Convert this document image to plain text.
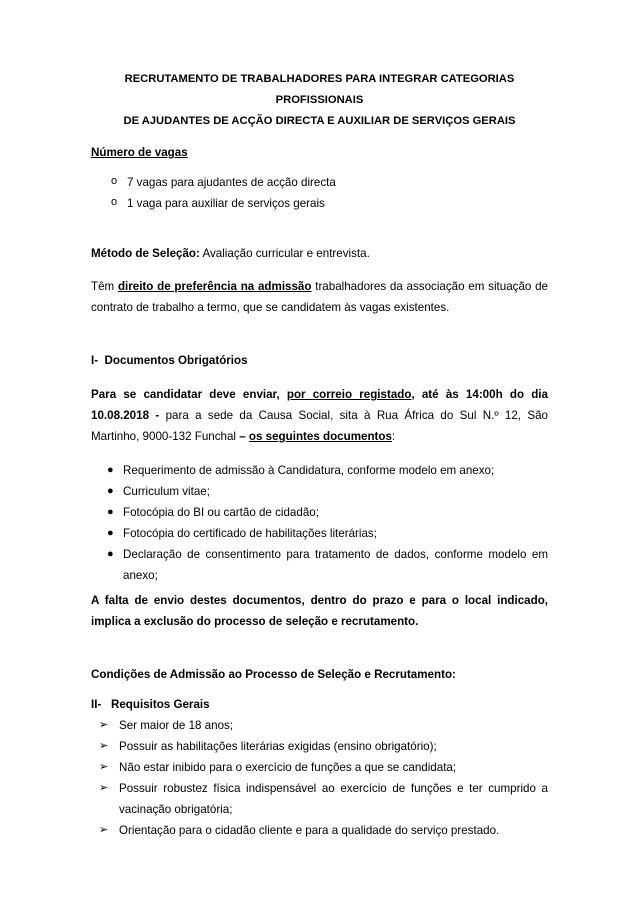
RECRUTAMENTO DE TRABALHADORES PARA INTEGRAR CATEGORIAS PROFISSIONAIS
DE AJUDANTES DE ACÇÃO DIRECTA E AUXILIAR DE SERVIÇOS GERAIS
Número de vagas
o 7 vagas para ajudantes de acção directa
o 1 vaga para auxiliar de serviços gerais
Método de Seleção: Avaliação curricular e entrevista.
Têm direito de preferência na admissão trabalhadores da associação em situação de contrato de trabalho a termo, que se candidatem às vagas existentes.
I- Documentos Obrigatórios
Para se candidatar deve enviar, por correio registado, até às 14:00h do dia 10.08.2018 - para a sede da Causa Social, sita à Rua África do Sul N.º 12, São Martinho, 9000-132 Funchal – os seguintes documentos:
● Requerimento de admissão à Candidatura, conforme modelo em anexo;
● Curriculum vitae;
● Fotocópia do BI ou cartão de cidadão;
● Fotocópia do certificado de habilitações literárias;
● Declaração de consentimento para tratamento de dados, conforme modelo em anexo;
A falta de envio destes documentos, dentro do prazo e para o local indicado, implica a exclusão do processo de seleção e recrutamento.
Condições de Admissão ao Processo de Seleção e Recrutamento:
II- Requisitos Gerais
➢ Ser maior de 18 anos;
➢ Possuir as habilitações literárias exigidas (ensino obrigatório);
➢ Não estar inibido para o exercício de funções a que se candidata;
➢ Possuir robustez física indispensável ao exercício de funções e ter cumprido a vacinação obrigatória;
➢ Orientação para o cidadão cliente e para a qualidade do serviço prestado.
